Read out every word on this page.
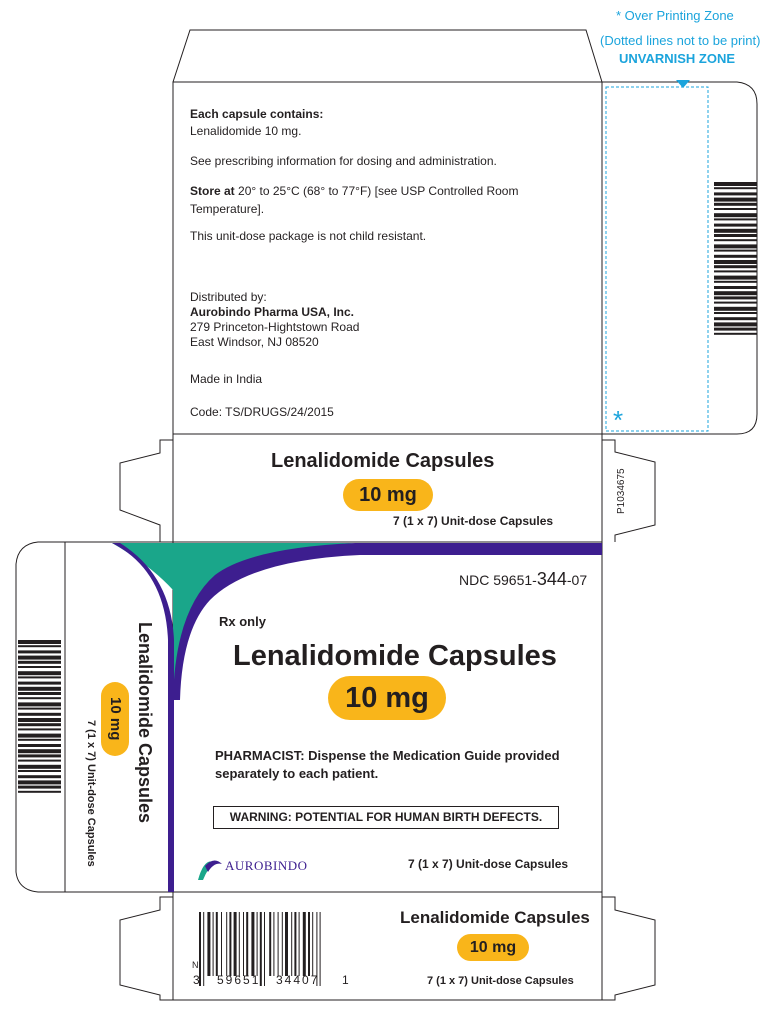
* Over Printing Zone
(Dotted lines not to be print)
UNVARNISH ZONE
*
Each capsule contains:
Lenalidomide 10 mg.
See prescribing information for dosing and administration.
Store at 20° to 25°C (68° to 77°F) [see USP Controlled Room
Temperature].
This unit-dose package is not child resistant.
Distributed by:
Aurobindo Pharma USA, Inc.
279 Princeton-Hightstown Road
East Windsor, NJ 08520
Made in India
Code: TS/DRUGS/24/2015
Lenalidomide Capsules
10 mg
7 (1 x 7) Unit-dose Capsules
P1034675
NDC 59651-344-07
Rx only
Lenalidomide Capsules
10 mg
PHARMACIST: Dispense the Medication Guide provided
separately to each patient.
WARNING: POTENTIAL FOR HUMAN BIRTH DEFECTS.
AUROBINDO	7 (1 x 7) Unit-dose Capsules
Lenalidomide Capsules
10 mg
7 (1 x 7) Unit-dose Capsules
Lenalidomide Capsules
10 mg
7 (1 x 7) Unit-dose Capsules
N
3 59651 34407 1
